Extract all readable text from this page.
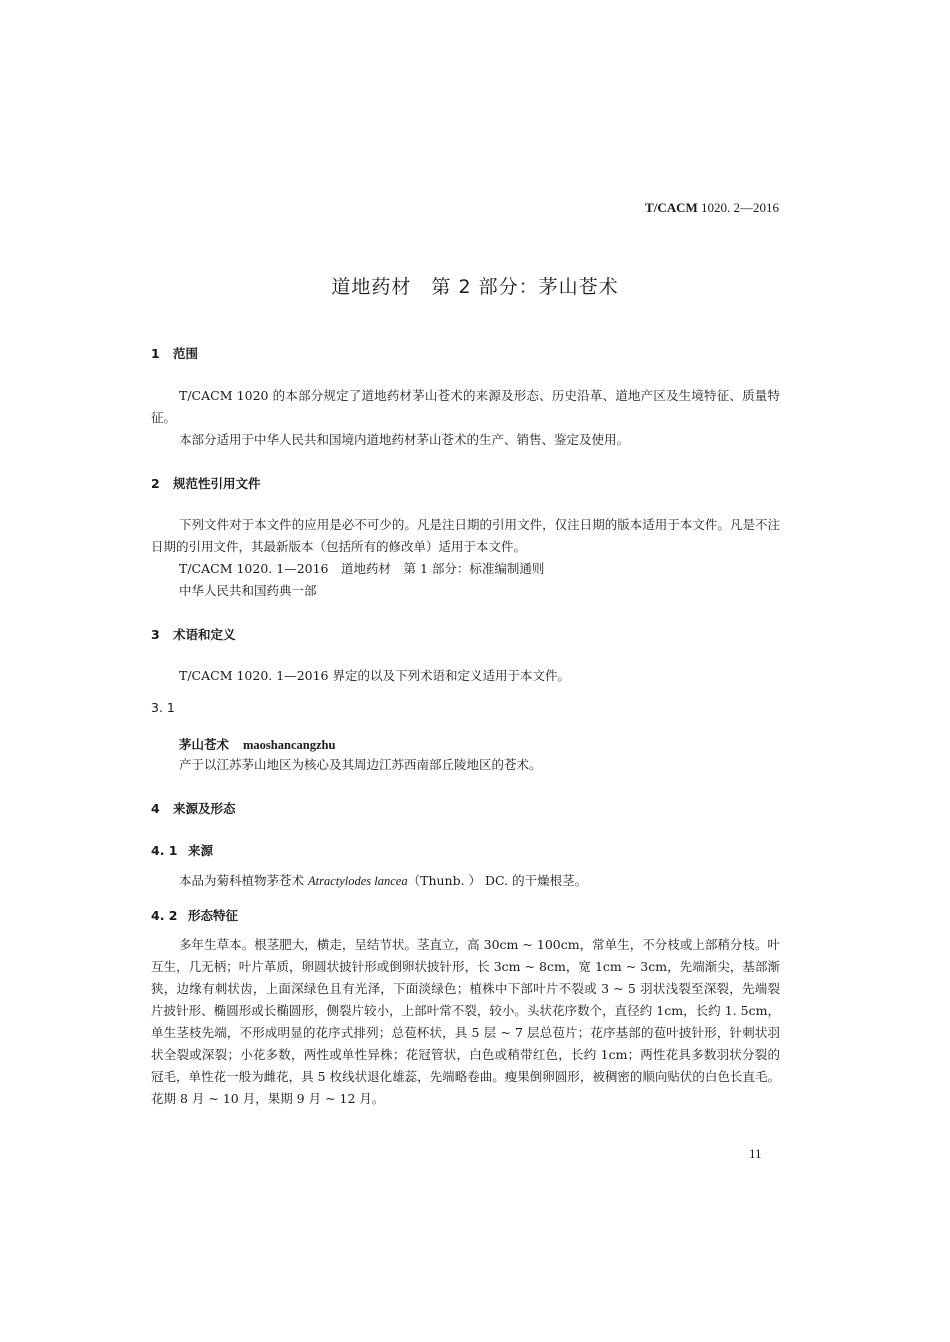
T/CACM 1020. 2—2016
道地药材　第 2 部分：茅山苍术
1 范围
T/CACM 1020 的本部分规定了道地药材茅山苍术的来源及形态、历史沿革、道地产区及生境特征、质量特征。
本部分适用于中华人民共和国境内道地药材茅山苍术的生产、销售、鉴定及使用。
2 规范性引用文件
下列文件对于本文件的应用是必不可少的。凡是注日期的引用文件，仅注日期的版本适用于本文件。凡是不注日期的引用文件，其最新版本（包括所有的修改单）适用于本文件。
T/CACM 1020. 1—2016　道地药材　第 1 部分：标准编制通则
中华人民共和国药典一部
3 术语和定义
T/CACM 1020. 1—2016 界定的以及下列术语和定义适用于本文件。
3. 1
茅山苍术 maoshancangzhu
产于以江苏茅山地区为核心及其周边江苏西南部丘陵地区的苍术。
4 来源及形态
4. 1 来源
本品为菊科植物茅苍术 Atractylodes lancea（Thunb. ） DC. 的干燥根茎。
4. 2 形态特征
多年生草本。根茎肥大，横走，呈结节状。茎直立，高 30cm ~ 100cm，常单生，不分枝或上部稍分枝。叶互生，几无柄；叶片革质，卵圆状披针形或倒卵状披针形，长 3cm ~ 8cm，宽 1cm ~ 3cm，先端渐尖，基部渐狭，边缘有刺状齿，上面深绿色且有光泽，下面淡绿色；植株中下部叶片不裂或 3 ~ 5 羽状浅裂至深裂，先端裂片披针形、椭圆形或长椭圆形，侧裂片较小，上部叶常不裂，较小。头状花序数个，直径约 1cm，长约 1. 5cm，单生茎枝先端，不形成明显的花序式排列；总苞杯状，具 5 层 ~ 7 层总苞片；花序基部的苞叶披针形，针刺状羽状全裂或深裂；小花多数，两性或单性异株；花冠管状，白色或稍带红色，长约 1cm；两性花具多数羽状分裂的冠毛，单性花一般为雌花，具 5 枚线状退化雄蕊，先端略卷曲。瘦果倒卵圆形，被稠密的顺向贴伏的白色长直毛。花期 8 月 ~ 10 月，果期 9 月 ~ 12 月。
11
